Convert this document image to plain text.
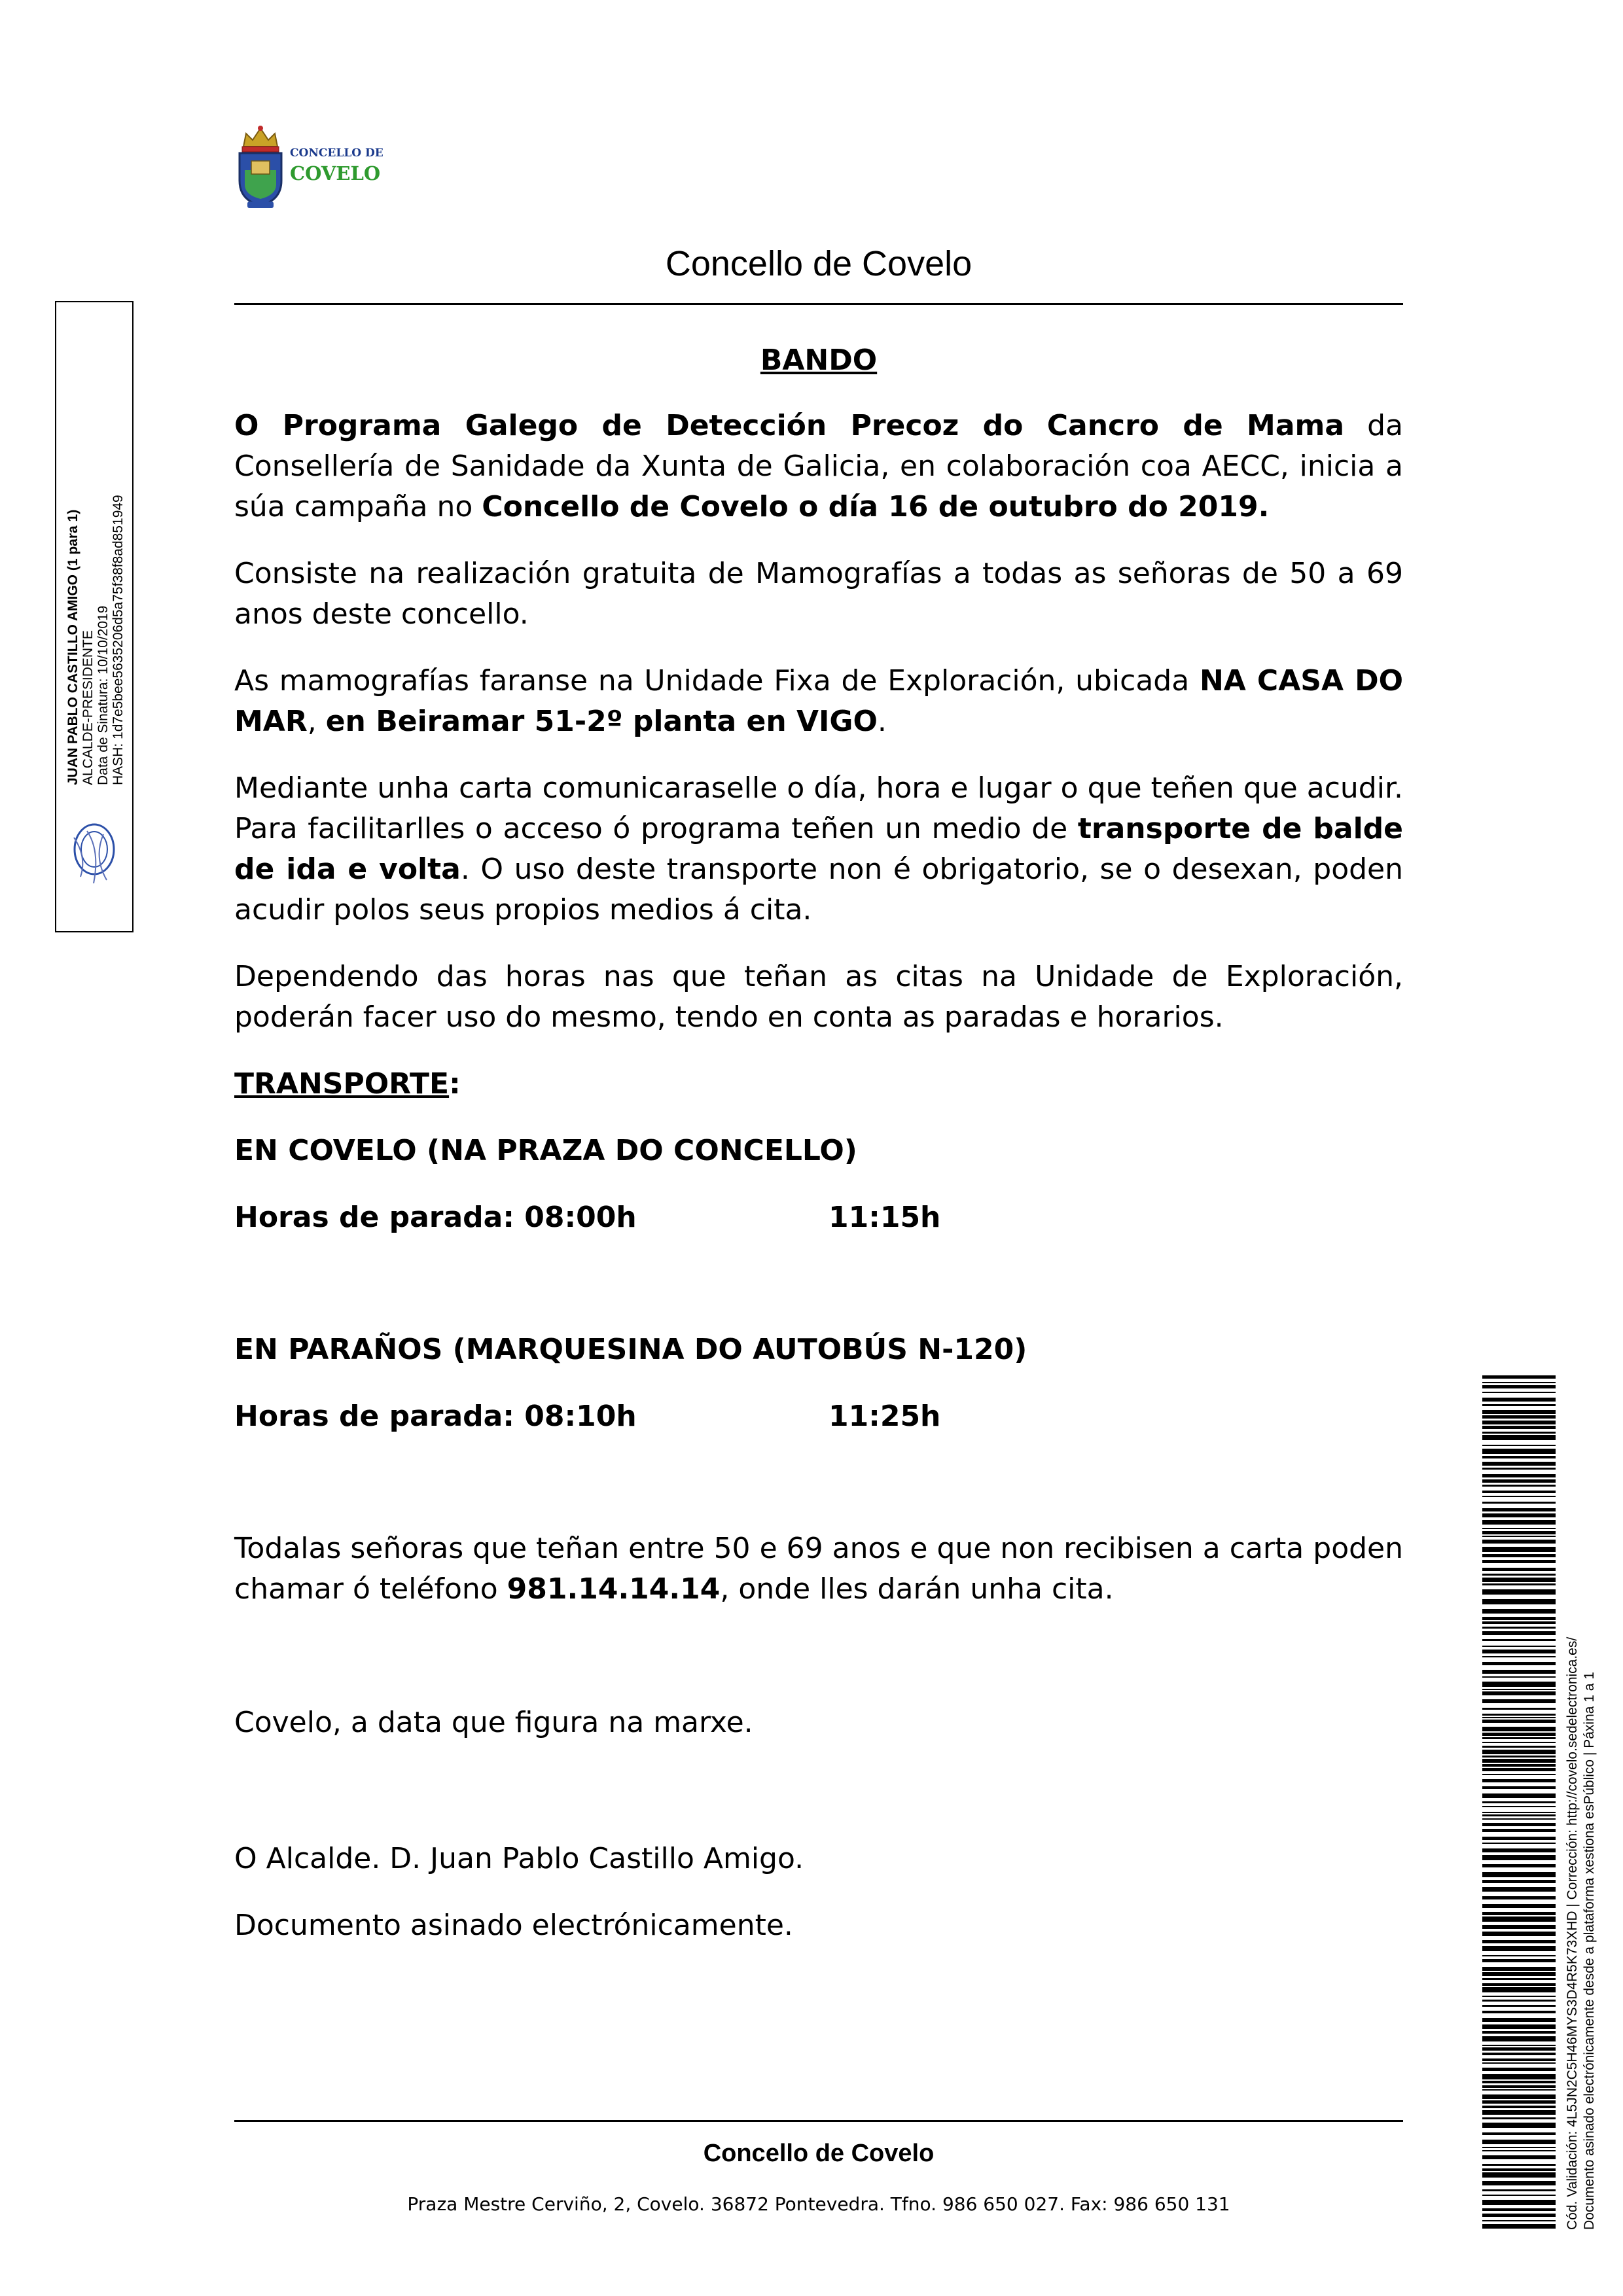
CONCELLO DE
COVELO
Concello de Covelo
JUAN PABLO CASTILLO AMIGO (1 para 1) ALCALDE-PRESIDENTE Data de Sinatura: 10/10/2019 HASH: 1d7e5bee5635206d5a75f38f8ad851949

BANDO

O Programa Galego de Detección Precoz do Cancro de Mama da Consellería de Sanidade da Xunta de Galicia, en colaboración coa AECC, inicia a súa campaña no Concello de Covelo o día 16 de outubro do 2019.

Consiste na realización gratuita de Mamografías a todas as señoras de 50 a 69 anos deste concello.

As mamografías faranse na Unidade Fixa de Exploración, ubicada NA CASA DO MAR, en Beiramar 51-2º planta en VIGO.

Mediante unha carta comunicaraselle o día, hora e lugar o que teñen que acudir. Para facilitarlles o acceso ó programa teñen un medio de transporte de balde de ida e volta. O uso deste transporte non é obrigatorio, se o desexan, poden acudir polos seus propios medios á cita.

Dependendo das horas nas que teñan as citas na Unidade de Exploración, poderán facer uso do mesmo, tendo en conta as paradas e horarios.

TRANSPORTE:

EN COVELO (NA PRAZA DO CONCELLO)

Horas de parada: 08:00h	11:15h

EN PARAÑOS (MARQUESINA DO AUTOBÚS N-120)

Horas de parada: 08:10h	11:25h

Todalas señoras que teñan entre 50 e 69 anos e que non recibisen a carta poden chamar ó teléfono 981.14.14.14, onde lles darán unha cita.

Covelo, a data que figura na marxe.

O Alcalde. D. Juan Pablo Castillo Amigo.

Documento asinado electrónicamente.

Concello de Covelo
Praza Mestre Cerviño, 2, Covelo. 36872 Pontevedra. Tfno. 986 650 027. Fax: 986 650 131	Cód. Validación: 4L5JN2C5H46MYS3D4R5K73XHD | Corrección: http://covelo.sedelectronica.es/ Documento asinado electrónicamente desde a plataforma xestiona esPúblico | Páxina 1 a 1
